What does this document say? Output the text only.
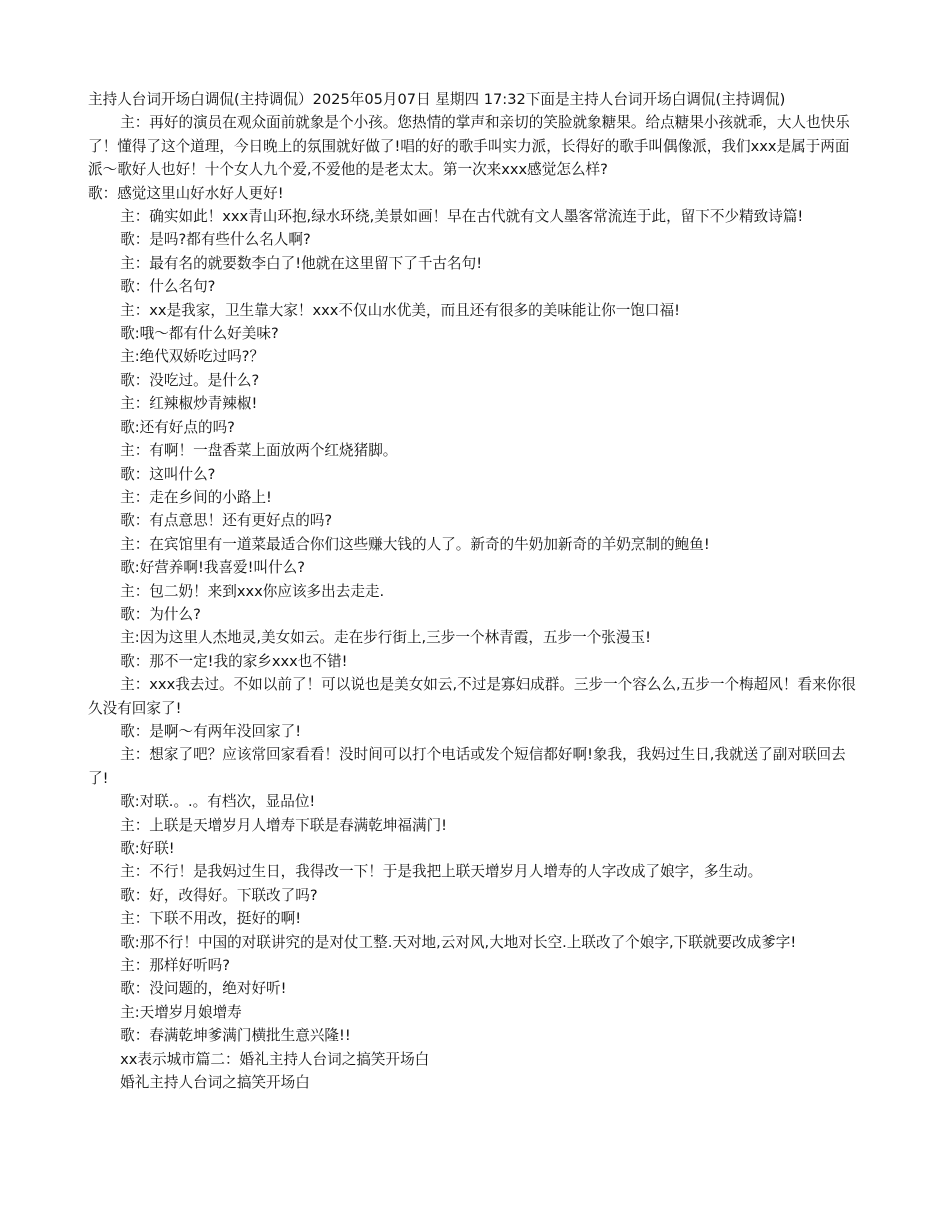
主持人台词开场白调侃(主持调侃）2025年05月07日 星期四 17:32下面是主持人台词开场白调侃(主持调侃)

主：再好的演员在观众面前就象是个小孩。您热情的掌声和亲切的笑脸就象糖果。给点糖果小孩就乖，大人也快乐了！懂得了这个道理，今日晚上的氛围就好做了!唱的好的歌手叫实力派，长得好的歌手叫偶像派，我们xxx是属于两面派～歌好人也好！十个女人九个爱,不爱他的是老太太。第一次来xxx感觉怎么样?

歌：感觉这里山好水好人更好!

主：确实如此！xxx青山环抱,绿水环绕,美景如画！早在古代就有文人墨客常流连于此，留下不少精致诗篇!

歌：是吗?都有些什么名人啊?

主：最有名的就要数李白了!他就在这里留下了千古名句!

歌：什么名句?

主：xx是我家，卫生靠大家！xxx不仅山水优美，而且还有很多的美味能让你一饱口福!

歌:哦～都有什么好美味?

主:绝代双娇吃过吗?？

歌：没吃过。是什么?

主：红辣椒炒青辣椒!

歌:还有好点的吗?

主：有啊！一盘香菜上面放两个红烧猪脚。

歌：这叫什么?

主：走在乡间的小路上!

歌：有点意思！还有更好点的吗?

主：在宾馆里有一道菜最适合你们这些赚大钱的人了。新奇的牛奶加新奇的羊奶烹制的鲍鱼!

歌:好营养啊!我喜爱!叫什么?

主：包二奶！来到xxx你应该多出去走走.

歌：为什么?

主:因为这里人杰地灵,美女如云。走在步行街上,三步一个林青霞，五步一个张漫玉!

歌：那不一定!我的家乡xxx也不错!

主：xxx我去过。不如以前了！可以说也是美女如云,不过是寡妇成群。三步一个容么么,五步一个梅超风！看来你很久没有回家了!

歌：是啊～有两年没回家了!

主：想家了吧？应该常回家看看！没时间可以打个电话或发个短信都好啊!象我，我妈过生日,我就送了副对联回去了!

歌:对联.。.。有档次，显品位!

主：上联是天增岁月人增寿下联是春满乾坤福满门!

歌:好联!

主：不行！是我妈过生日，我得改一下！于是我把上联天增岁月人增寿的人字改成了娘字，多生动。

歌：好，改得好。下联改了吗?

主：下联不用改，挺好的啊!

歌:那不行！中国的对联讲究的是对仗工整.天对地,云对风,大地对长空.上联改了个娘字,下联就要改成爹字!

主：那样好听吗?

歌：没问题的，绝对好听!

主:天增岁月娘增寿

歌：春满乾坤爹满门横批生意兴隆!!

xx表示城市篇二：婚礼主持人台词之搞笑开场白

婚礼主持人台词之搞笑开场白
